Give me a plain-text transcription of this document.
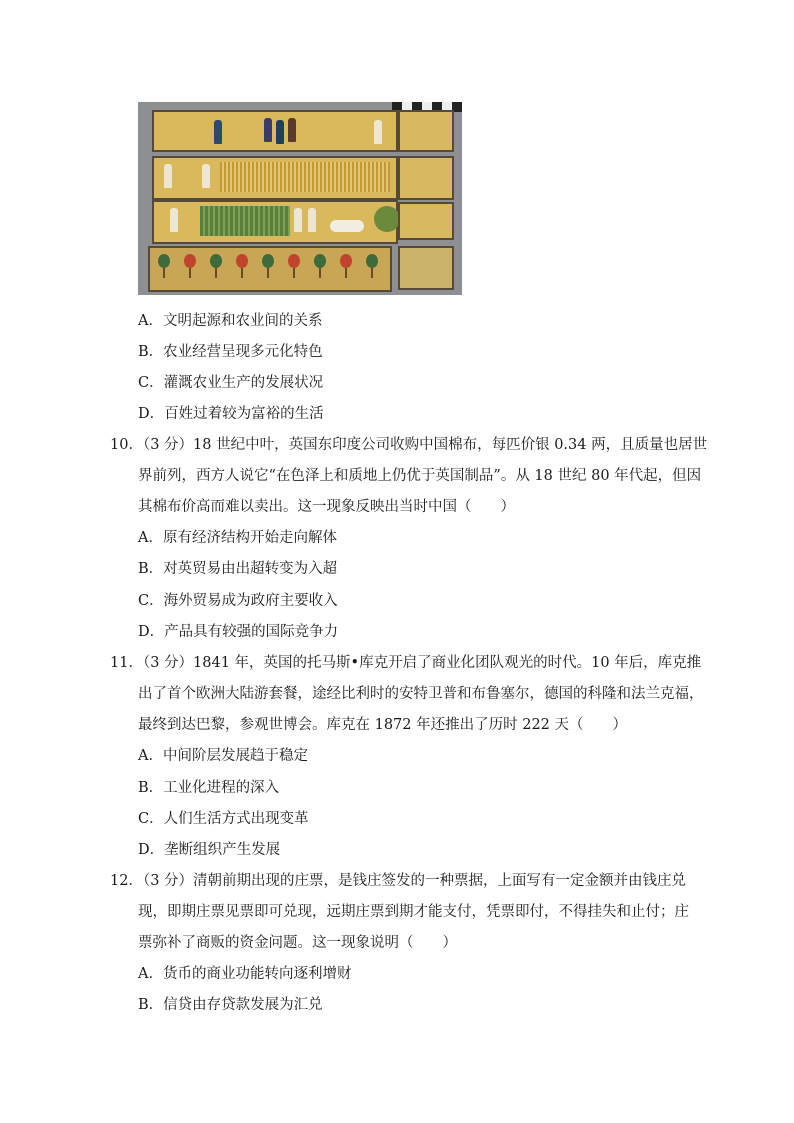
A．文明起源和农业间的关系
B．农业经营呈现多元化特色
C．灌溉农业生产的发展状况
D．百姓过着较为富裕的生活
10．（3 分）18 世纪中叶，英国东印度公司收购中国棉布，每匹价银 0.34 两，且质量也居世
界前列，西方人说它“在色泽上和质地上仍优于英国制品”。从 18 世纪 80 年代起，但因
其棉布价高而难以卖出。这一现象反映出当时中国（　　）
A．原有经济结构开始走向解体
B．对英贸易由出超转变为入超
C．海外贸易成为政府主要收入
D．产品具有较强的国际竞争力
11．（3 分）1841 年，英国的托马斯•库克开启了商业化团队观光的时代。10 年后，库克推
出了首个欧洲大陆游套餐，途经比利时的安特卫普和布鲁塞尔，德国的科隆和法兰克福，
最终到达巴黎，参观世博会。库克在 1872 年还推出了历时 222 天（　　）
A．中间阶层发展趋于稳定
B．工业化进程的深入
C．人们生活方式出现变革
D．垄断组织产生发展
12．（3 分）清朝前期出现的庄票，是钱庄签发的一种票据，上面写有一定金额并由钱庄兑
现，即期庄票见票即可兑现，远期庄票到期才能支付，凭票即付，不得挂失和止付；庄
票弥补了商贩的资金问题。这一现象说明（　　）
A．货币的商业功能转向逐利增财
B．信贷由存贷款发展为汇兑
